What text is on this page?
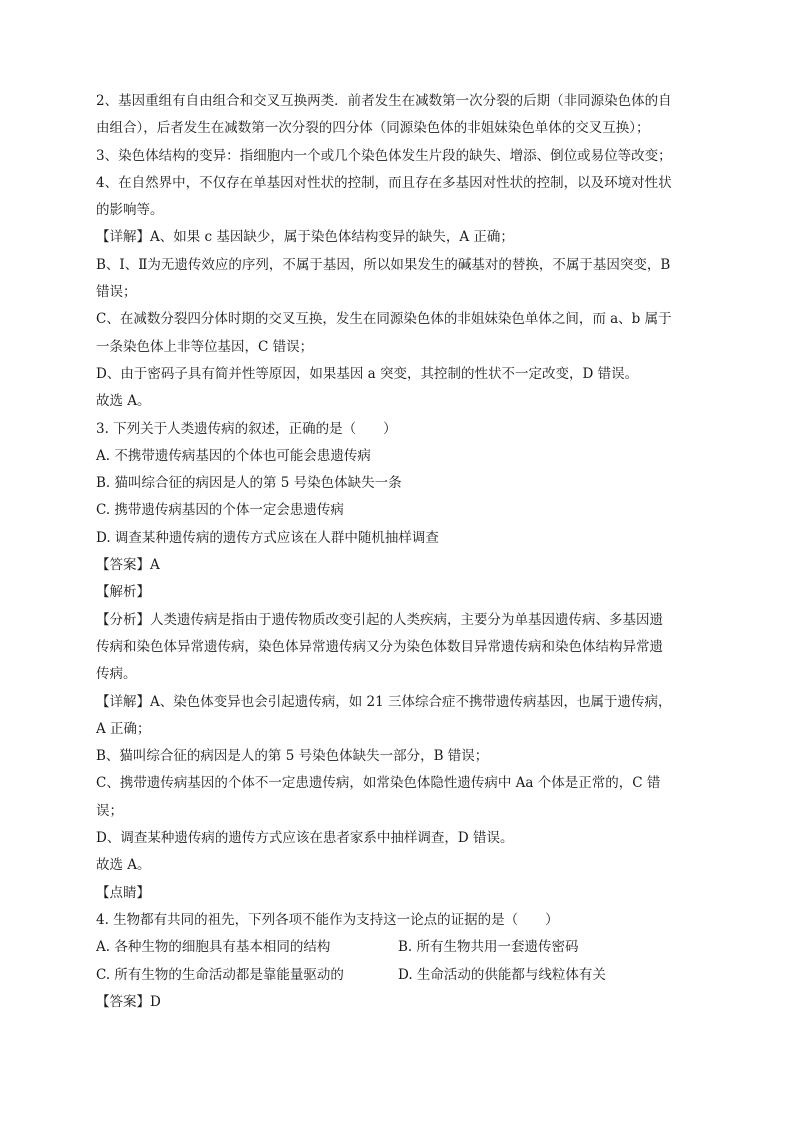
2、基因重组有自由组合和交叉互换两类．前者发生在减数第一次分裂的后期（非同源染色体的自
由组合），后者发生在减数第一次分裂的四分体（同源染色体的非姐妹染色单体的交叉互换）；
3、染色体结构的变异：指细胞内一个或几个染色体发生片段的缺失、增添、倒位或易位等改变；
4、在自然界中，不仅存在单基因对性状的控制，而且存在多基因对性状的控制，以及环境对性状
的影响等。
【详解】A、如果 c 基因缺少，属于染色体结构变异的缺失，A 正确；
B、Ⅰ、Ⅱ为无遗传效应的序列，不属于基因，所以如果发生的碱基对的替换，不属于基因突变，B
错误；
C、在减数分裂四分体时期的交叉互换，发生在同源染色体的非姐妹染色单体之间，而 a、b 属于
一条染色体上非等位基因，C 错误；
D、由于密码子具有简并性等原因，如果基因 a 突变，其控制的性状不一定改变，D 错误。
故选 A。
3. 下列关于人类遗传病的叙述，正确的是（　　）
A. 不携带遗传病基因的个体也可能会患遗传病
B. 猫叫综合征的病因是人的第 5 号染色体缺失一条
C. 携带遗传病基因的个体一定会患遗传病
D. 调查某种遗传病的遗传方式应该在人群中随机抽样调查
【答案】A
【解析】
【分析】人类遗传病是指由于遗传物质改变引起的人类疾病，主要分为单基因遗传病、多基因遗
传病和染色体异常遗传病，染色体异常遗传病又分为染色体数目异常遗传病和染色体结构异常遗
传病。
【详解】A、染色体变异也会引起遗传病，如 21 三体综合症不携带遗传病基因，也属于遗传病，
A 正确；
B、猫叫综合征的病因是人的第 5 号染色体缺失一部分，B 错误；
C、携带遗传病基因的个体不一定患遗传病，如常染色体隐性遗传病中 Aa 个体是正常的，C 错
误；
D、调查某种遗传病的遗传方式应该在患者家系中抽样调查，D 错误。
故选 A。
【点睛】
4. 生物都有共同的祖先，下列各项不能作为支持这一论点的证据的是（　　）
A. 各种生物的细胞具有基本相同的结构	B. 所有生物共用一套遗传密码
C. 所有生物的生命活动都是靠能量驱动的	D. 生命活动的供能都与线粒体有关
【答案】D
